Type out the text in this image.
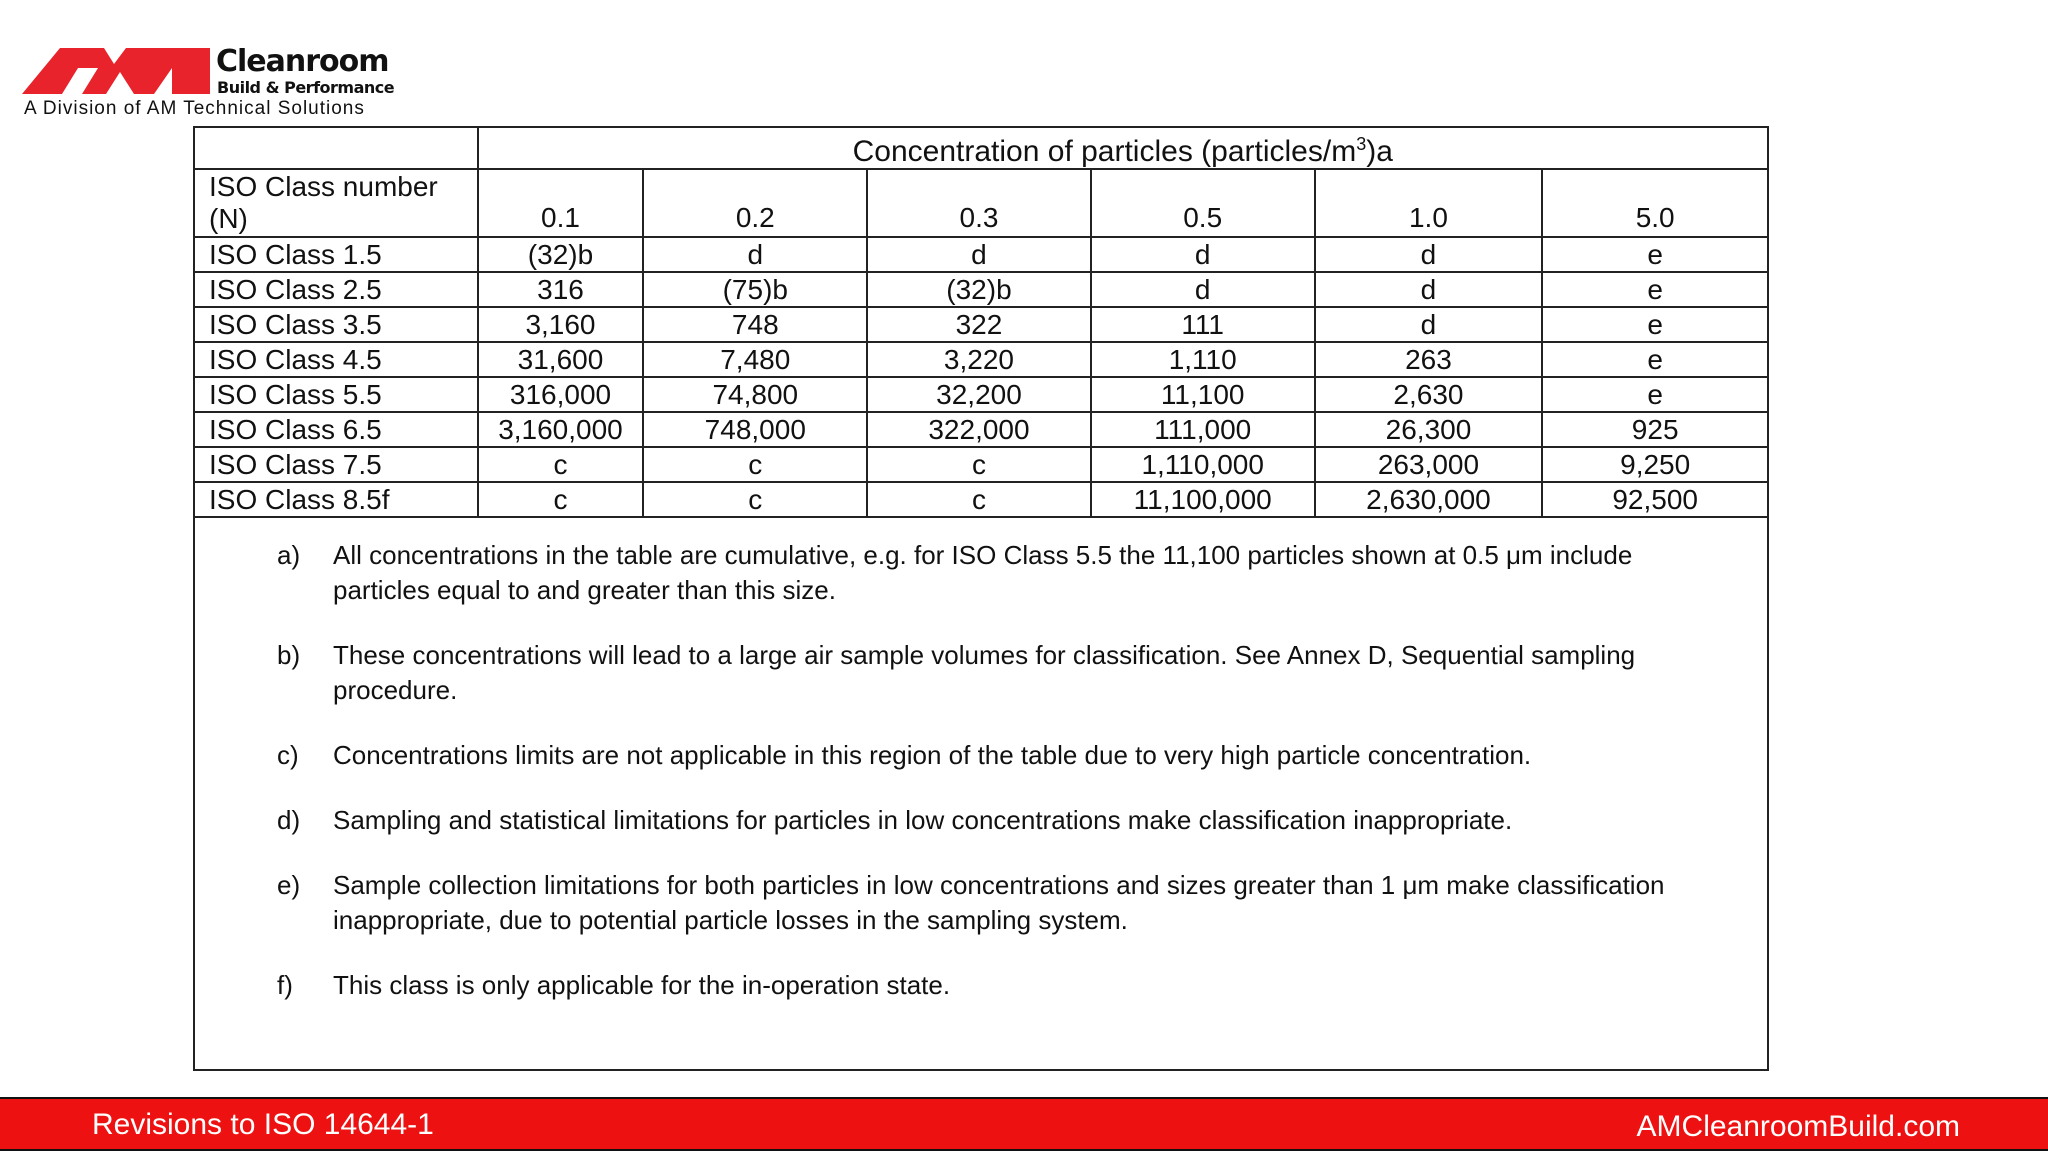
Cleanroom
Build & Performance
A Division of AM Technical Solutions
	Concentration of particles $(particles/m^3)a$					
ISO Class number (N)	0.1	0.2	0.3	0.5	1.0	5.0
ISO Class 1.5	(32)b	d	d	d	d	e
ISO Class 2.5	316	(75)b	(32)b	d	d	e
ISO Class 3.5	3,160	748	322	111	d	e
ISO Class 4.5	31,600	7,480	3,220	1,110	263	e
ISO Class 5.5	316,000	74,800	32,200	11,100	2,630	e
ISO Class 6.5	3,160,000	748,000	322,000	111,000	26,300	925
ISO Class 7.5	c	c	c	1,110,000	263,000	9,250
ISO Class 8.5f	c	c	c	11,100,000	2,630,000	92,500
a) All concentrations in the table are cumulative, e.g. for ISO Class 5.5 the 11,100 particles shown at 0.5 μm include particles equal to and greater than this size.
b) These concentrations will lead to a large air sample volumes for classification. See Annex D, Sequential sampling procedure.
c) Concentrations limits are not applicable in this region of the table due to very high particle concentration.
d) Sampling and statistical limitations for particles in low concentrations make classification inappropriate.
e) Sample collection limitations for both particles in low concentrations and sizes greater than 1 μm make classification inappropriate, due to potential particle losses in the sampling system.
f) This class is only applicable for the in-operation state.
Revisions to ISO 14644-1	AMCleanroomBuild.com
